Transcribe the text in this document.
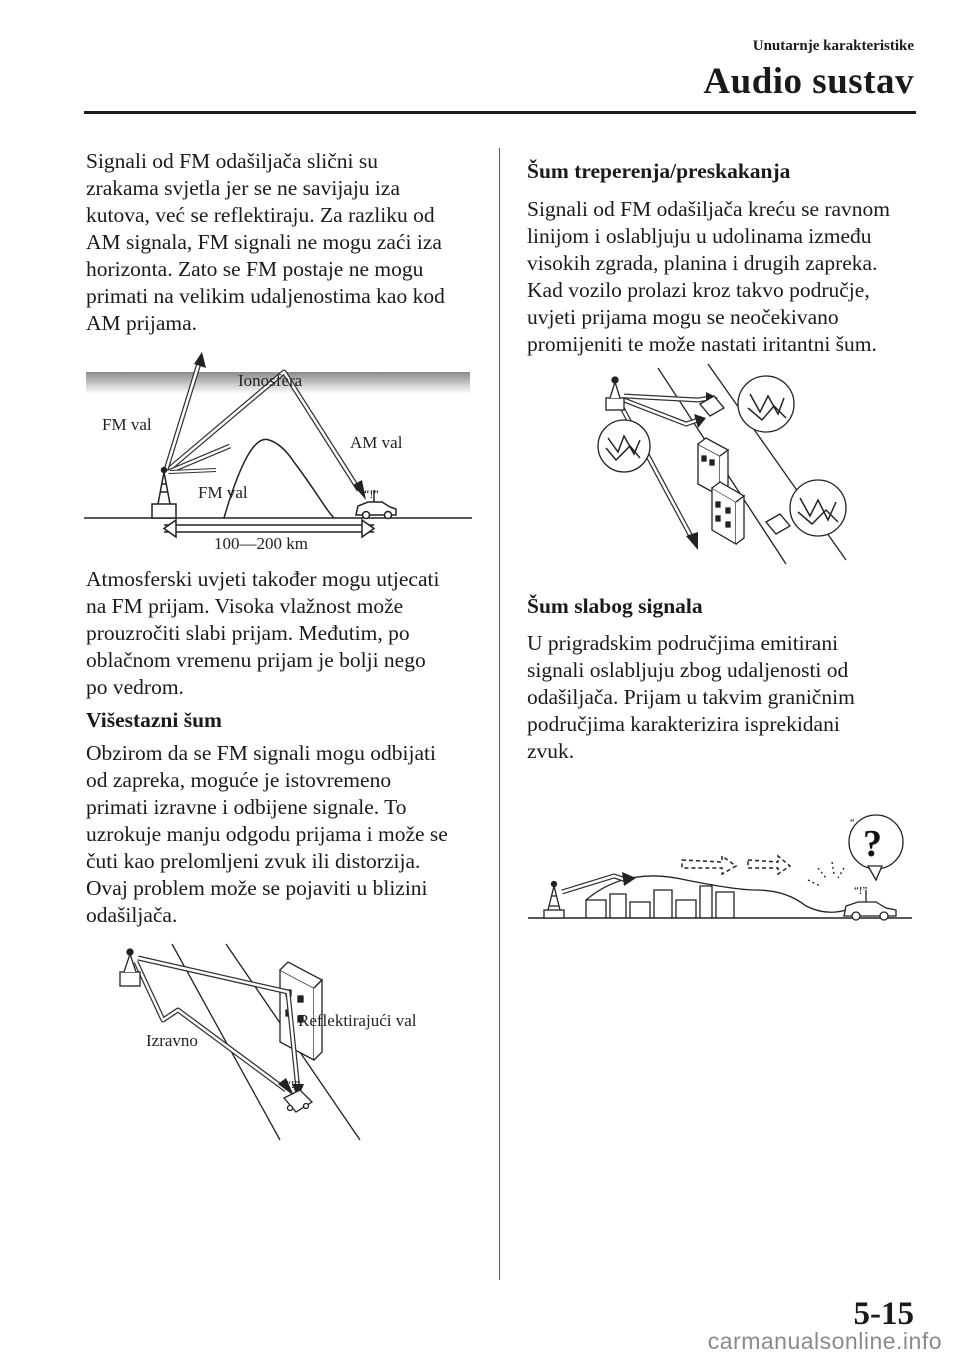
Unutarnje karakteristike
Audio sustav

Signali od FM odašiljača slični su

zrakama svjetla jer se ne savijaju iza

kutova, već se reflektiraju. Za razliku od

AM signala, FM signali ne mogu zaći iza

horizonta. Zato se FM postaje ne mogu

primati na velikim udaljenostima kao kod

AM prijama.

“!”
Ionosfera
FM val
AM val
FM val
100—200 km

Atmosferski uvjeti također mogu utjecati

na FM prijam. Visoka vlažnost može

prouzročiti slabi prijam. Međutim, po

oblačnom vremenu prijam je bolji nego

po vedrom.

Višestazni šum

Obzirom da se FM signali mogu odbijati

od zapreka, moguće je istovremeno

primati izravne i odbijene signale. To

uzrokuje manju odgodu prijama i može se

čuti kao prelomljeni zvuk ili distorzija.

Ovaj problem može se pojaviti u blizini

odašiljača.

“!”
Izravno
Reflektirajući val

Šum treperenja/preskakanja

Signali od FM odašiljača kreću se ravnom

linijom i oslabljuju u udolinama između

visokih zgrada, planina i drugih zapreka.

Kad vozilo prolazi kroz takvo područje,

uvjeti prijama mogu se neočekivano

promijeniti te može nastati iritantni šum.

Šum slabog signala

U prigradskim područjima emitirani

signali oslabljuju zbog udaljenosti od

odašiljača. Prijam u takvim graničnim

područjima karakterizira isprekidani

zvuk.

“!”
?
“
5-15
carmanualsonline.info
